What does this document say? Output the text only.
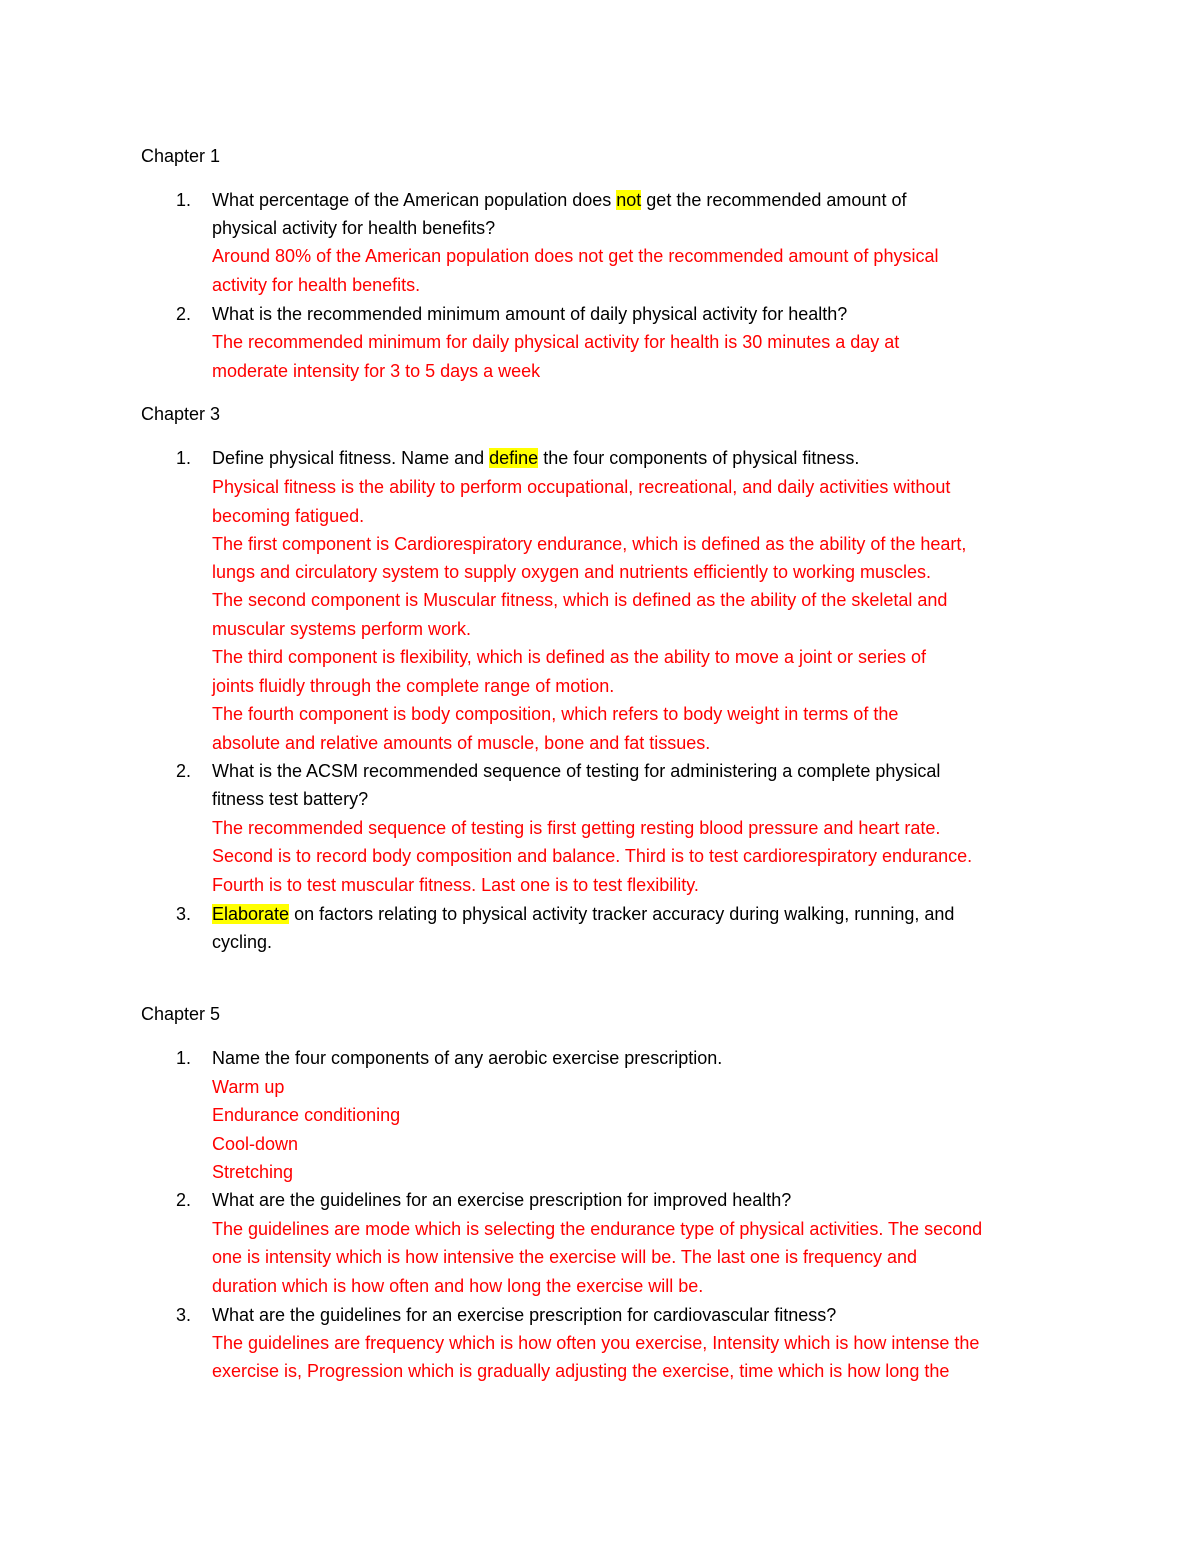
Chapter 1
1. What percentage of the American population does not get the recommended amount of
physical activity for health benefits?
Around 80% of the American population does not get the recommended amount of physical
activity for health benefits.
2. What is the recommended minimum amount of daily physical activity for health?
The recommended minimum for daily physical activity for health is 30 minutes a day at
moderate intensity for 3 to 5 days a week
Chapter 3
1. Define physical fitness. Name and define the four components of physical fitness.
Physical fitness is the ability to perform occupational, recreational, and daily activities without
becoming fatigued.
The first component is Cardiorespiratory endurance, which is defined as the ability of the heart,
lungs and circulatory system to supply oxygen and nutrients efficiently to working muscles.
The second component is Muscular fitness, which is defined as the ability of the skeletal and
muscular systems perform work.
The third component is flexibility, which is defined as the ability to move a joint or series of
joints fluidly through the complete range of motion.
The fourth component is body composition, which refers to body weight in terms of the
absolute and relative amounts of muscle, bone and fat tissues.
2. What is the ACSM recommended sequence of testing for administering a complete physical
fitness test battery?
The recommended sequence of testing is first getting resting blood pressure and heart rate.
Second is to record body composition and balance. Third is to test cardiorespiratory endurance.
Fourth is to test muscular fitness. Last one is to test flexibility.
3. Elaborate on factors relating to physical activity tracker accuracy during walking, running, and
cycling.
Chapter 5
1. Name the four components of any aerobic exercise prescription.
Warm up
Endurance conditioning
Cool-down
Stretching
2. What are the guidelines for an exercise prescription for improved health?
The guidelines are mode which is selecting the endurance type of physical activities. The second
one is intensity which is how intensive the exercise will be. The last one is frequency and
duration which is how often and how long the exercise will be.
3. What are the guidelines for an exercise prescription for cardiovascular fitness?
The guidelines are frequency which is how often you exercise, Intensity which is how intense the
exercise is, Progression which is gradually adjusting the exercise, time which is how long the
